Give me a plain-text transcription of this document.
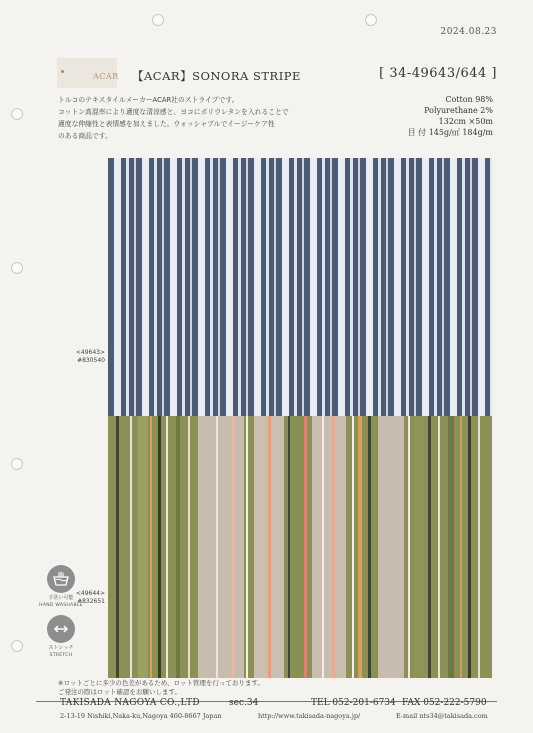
2024.08.23
ACAR 【ACAR】SONORA STRIPE	[ 34-49643/644 ]
トルコのテキスタイルメーカーACAR社のストライプです。
コットン高混率により適度な清涼感と、ヨコにポリウレタンを入れることで
適度な伸縮性と表情感を加えました。ウォッシャブルでイージーケア性
のある商品です。
Cotton 98%
Polyurethane 2%
132cm ×50m
目 付 145g/㎡ 184g/m
<49643>
#830540
<49644>
#832651
手洗い可能
HAND WASHABLE
ストレッチ
STRETCH
※ロットごとに多少の色差があるため、ロット管理を行っております。
ご発注の際はロット確認をお願いします。
TAKISADA NAGOYA CO.,LTD	sec.34	TEL 052-201-6734 FAX 052-222-5790
2-13-19 Nishiki,Naka-ku,Nagoya 460-8667 Japan	http://www.takisada-nagoya.jp/	E-mail nts34@takisada.com
